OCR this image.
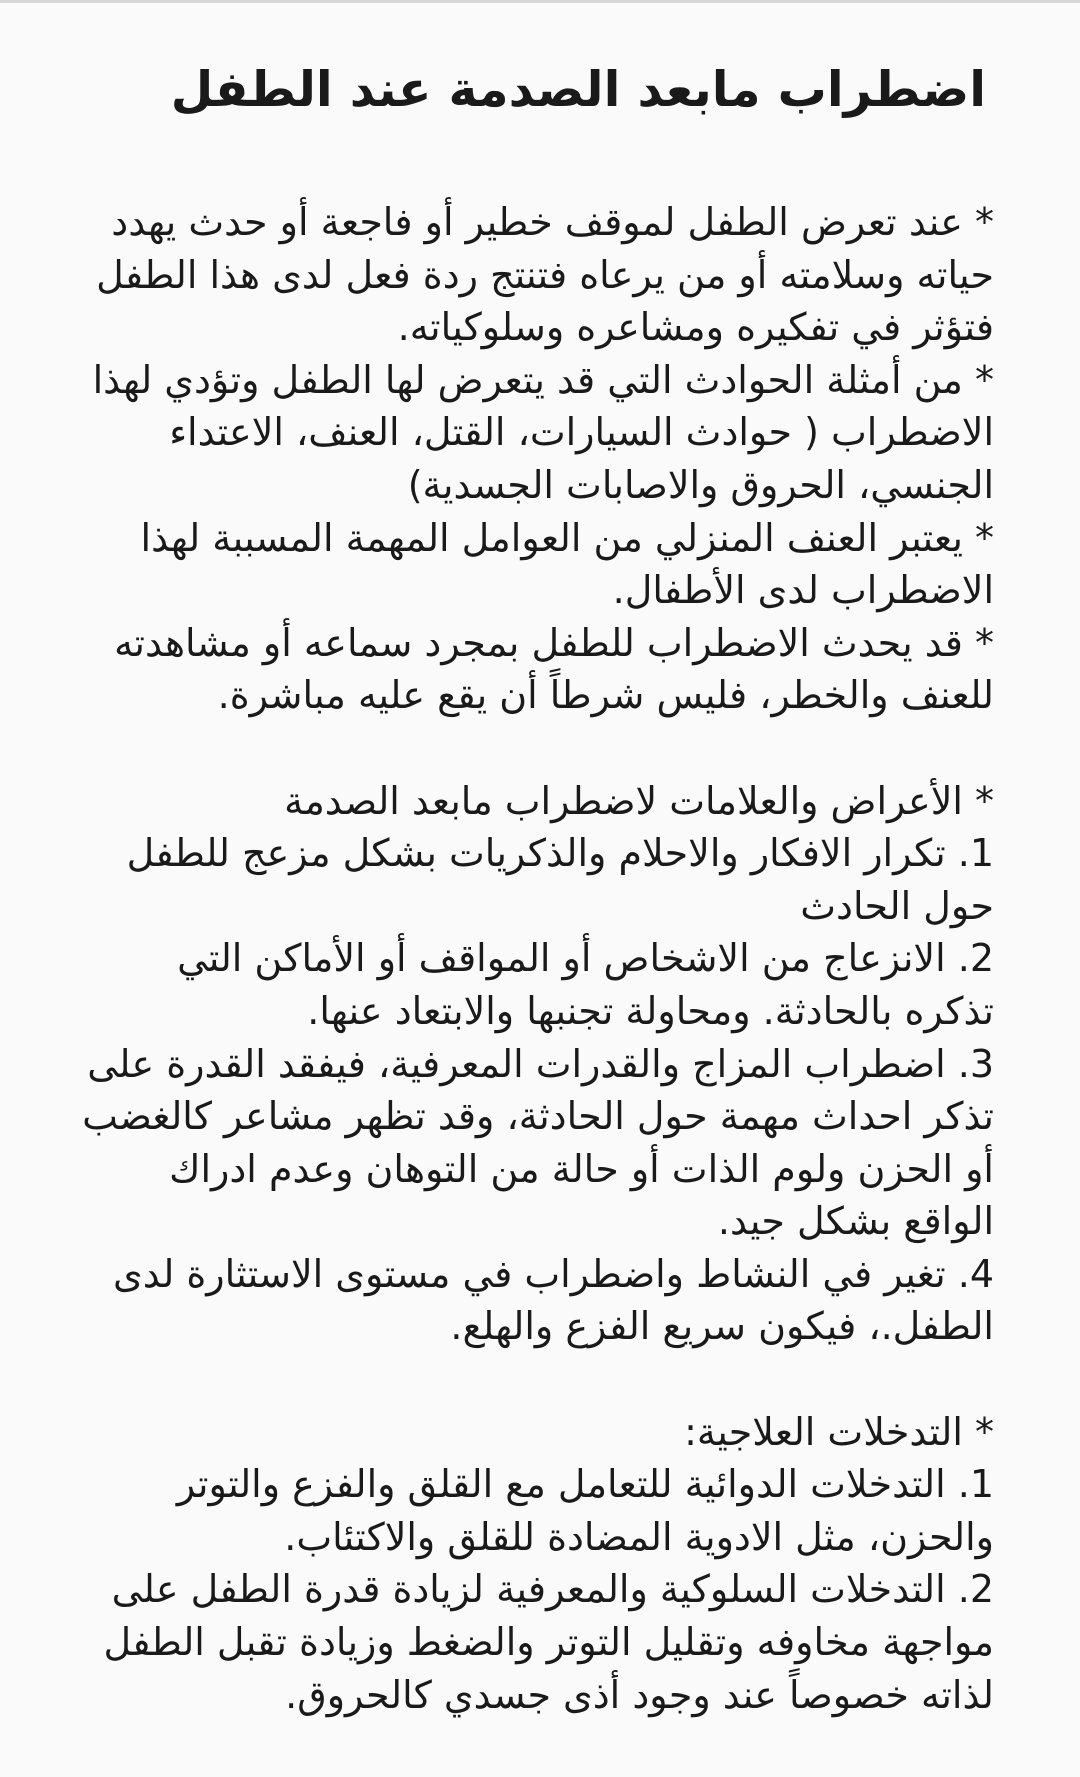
اضطراب مابعد الصدمة عند الطفل

* عند تعرض الطفل لموقف خطير أو فاجعة أو حدث يهدد حياته وسلامته أو من يرعاه فتنتج ردة فعل لدى هذا الطفل فتؤثر في تفكيره ومشاعره وسلوكياته.

* من أمثلة الحوادث التي قد يتعرض لها الطفل وتؤدي لهذا الاضطراب ( حوادث السيارات، القتل، العنف، الاعتداء الجنسي، الحروق والاصابات الجسدية)

* يعتبر العنف المنزلي من العوامل المهمة المسببة لهذا الاضطراب لدى الأطفال.

* قد يحدث الاضطراب للطفل بمجرد سماعه أو مشاهدته للعنف والخطر، فليس شرطاً أن يقع عليه مباشرة.

* الأعراض والعلامات لاضطراب مابعد الصدمة

1. تكرار الافكار والاحلام والذكريات بشكل مزعج للطفل حول الحادث

2. الانزعاج من الاشخاص أو المواقف أو الأماكن التي تذكره بالحادثة. ومحاولة تجنبها والابتعاد عنها.

3. اضطراب المزاج والقدرات المعرفية، فيفقد القدرة على تذكر احداث مهمة حول الحادثة، وقد تظهر مشاعر كالغضب أو الحزن ولوم الذات أو حالة من التوهان وعدم ادراك الواقع بشكل جيد.

4. تغير في النشاط واضطراب في مستوى الاستثارة لدى الطفل.، فيكون سريع الفزع والهلع.

* التدخلات العلاجية:

1. التدخلات الدوائية للتعامل مع القلق والفزع والتوتر والحزن، مثل الادوية المضادة للقلق والاكتئاب.

2. التدخلات السلوكية والمعرفية لزيادة قدرة الطفل على مواجهة مخاوفه وتقليل التوتر والضغط وزيادة تقبل الطفل لذاته خصوصاً عند وجود أذى جسدي كالحروق.
